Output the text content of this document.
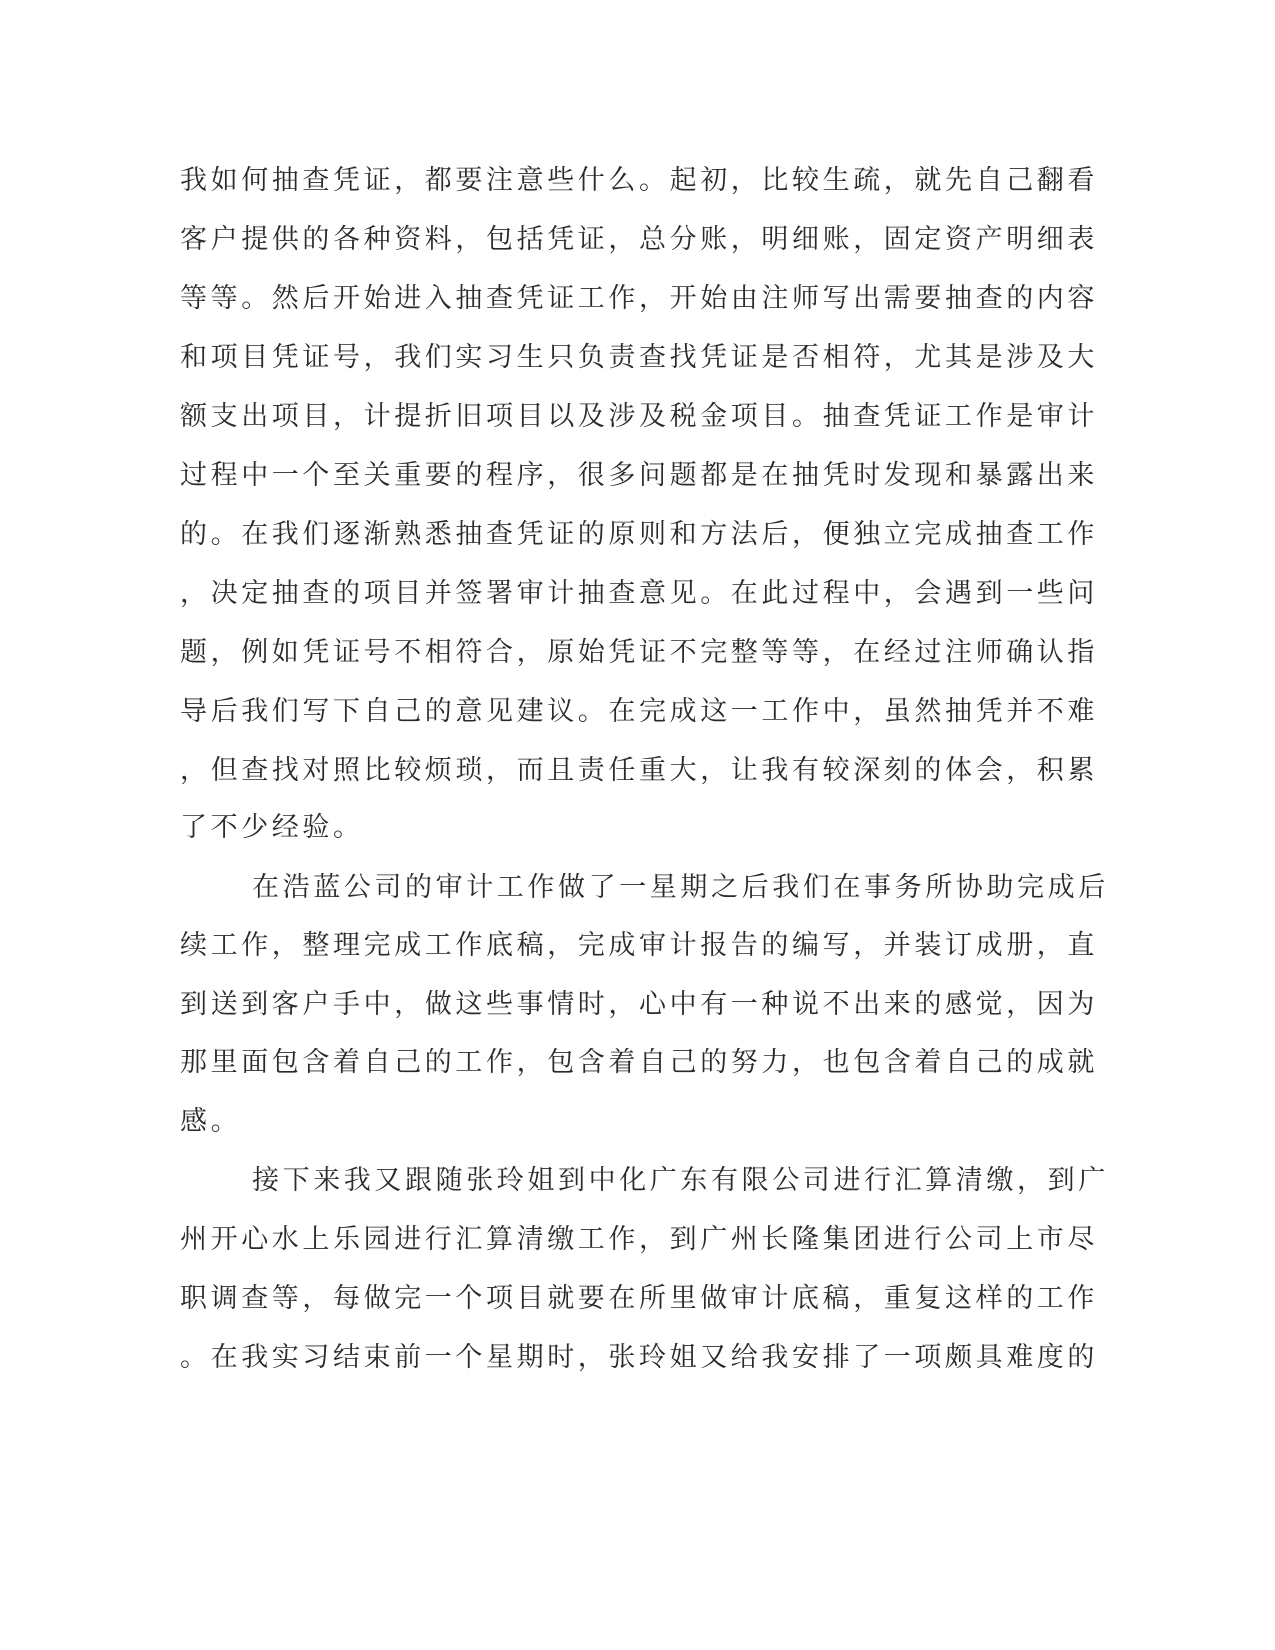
我如何抽查凭证，都要注意些什么。起初，比较生疏，就先自己翻看
客户提供的各种资料，包括凭证，总分账，明细账，固定资产明细表
等等。然后开始进入抽查凭证工作，开始由注师写出需要抽查的内容
和项目凭证号，我们实习生只负责查找凭证是否相符，尤其是涉及大
额支出项目，计提折旧项目以及涉及税金项目。抽查凭证工作是审计
过程中一个至关重要的程序，很多问题都是在抽凭时发现和暴露出来
的。在我们逐渐熟悉抽查凭证的原则和方法后，便独立完成抽查工作
，决定抽查的项目并签署审计抽查意见。在此过程中，会遇到一些问
题，例如凭证号不相符合，原始凭证不完整等等，在经过注师确认指
导后我们写下自己的意见建议。在完成这一工作中，虽然抽凭并不难
，但查找对照比较烦琐，而且责任重大，让我有较深刻的体会，积累
了不少经验。
在浩蓝公司的审计工作做了一星期之后我们在事务所协助完成后
续工作，整理完成工作底稿，完成审计报告的编写，并装订成册，直
到送到客户手中，做这些事情时，心中有一种说不出来的感觉，因为
那里面包含着自己的工作，包含着自己的努力，也包含着自己的成就
感。
接下来我又跟随张玲姐到中化广东有限公司进行汇算清缴，到广
州开心水上乐园进行汇算清缴工作，到广州长隆集团进行公司上市尽
职调查等，每做完一个项目就要在所里做审计底稿，重复这样的工作
。在我实习结束前一个星期时，张玲姐又给我安排了一项颇具难度的
